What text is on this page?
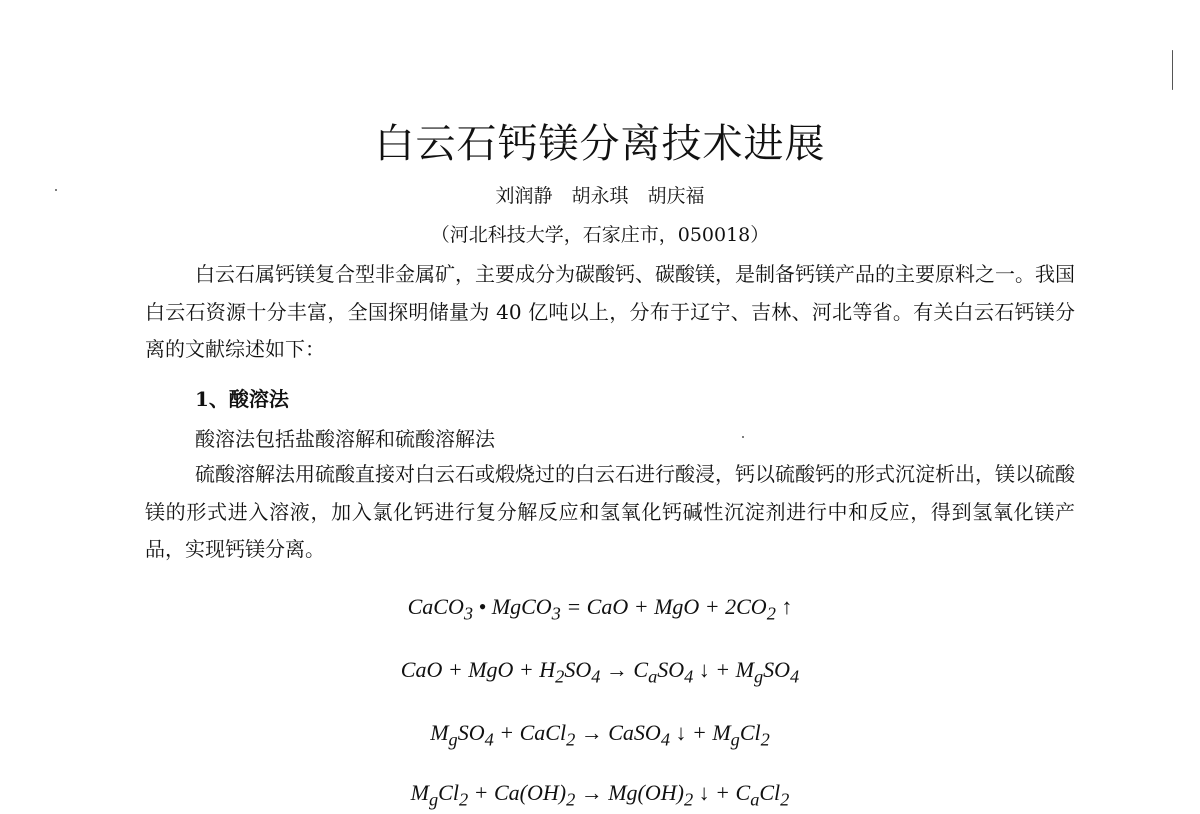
白云石钙镁分离技术进展
刘润静　胡永琪　胡庆福
（河北科技大学，石家庄市，050018）
白云石属钙镁复合型非金属矿，主要成分为碳酸钙、碳酸镁，是制备钙镁产品的主要原料之一。我国白云石资源十分丰富，全国探明储量为 40 亿吨以上，分布于辽宁、吉林、河北等省。有关白云石钙镁分离的文献综述如下：
1、酸溶法
酸溶法包括盐酸溶解和硫酸溶解法
硫酸溶解法用硫酸直接对白云石或煅烧过的白云石进行酸浸，钙以硫酸钙的形式沉淀析出，镁以硫酸镁的形式进入溶液，加入氯化钙进行复分解反应和氢氧化钙碱性沉淀剂进行中和反应，得到氢氧化镁产品，实现钙镁分离。
CaCO$_3$ • MgCO$_3$ = CaO + MgO + $2CO_2$ ↑
CaO + MgO + $H_2SO_4 \to C_aSO_4$ ↓ + $M_gSO_4$
$M_gSO_4$ + CaCl$_2$ → CaSO$_4$ ↓ + $M_gCl_2$
$M_gCl_2 + Ca(OH)_2 \to Mg(OH)_2$ ↓ + $C_aCl_2$
